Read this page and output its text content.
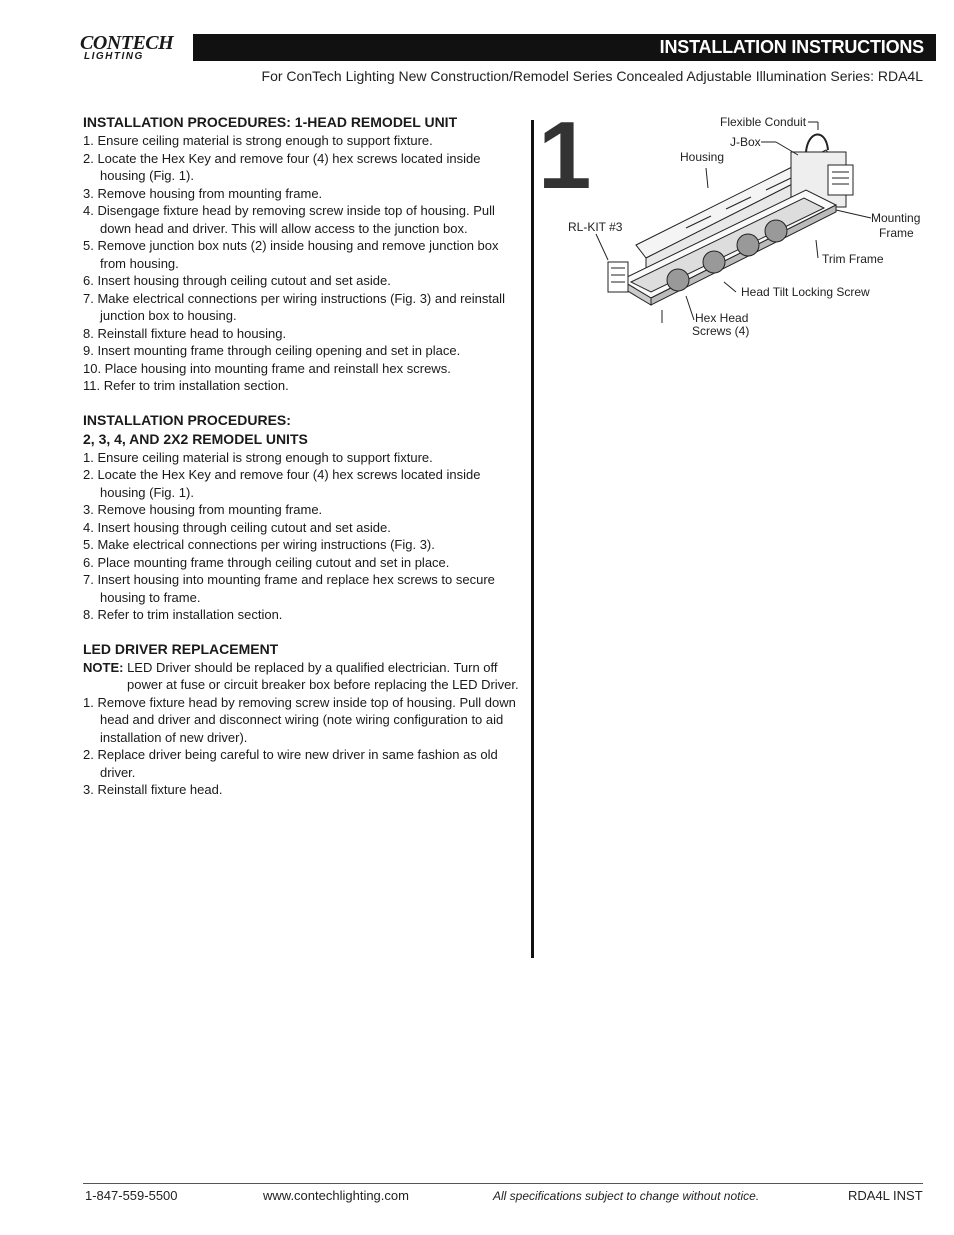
CONTECH
LIGHTING	INSTALLATION INSTRUCTIONS
For ConTech Lighting New Construction/Remodel Series Concealed Adjustable Illumination Series: RDA4L
INSTALLATION PROCEDURES: 1-HEAD REMODEL UNIT
1. Ensure ceiling material is strong enough to support fixture.
2. Locate the Hex Key and remove four (4) hex screws located inside housing (Fig. 1).
3. Remove housing from mounting frame.
4. Disengage fixture head by removing screw inside top of housing. Pull down head and driver. This will allow access to the junction box.
5. Remove junction box nuts (2) inside housing and remove junction box from housing.
6. Insert housing through ceiling cutout and set aside.
7. Make electrical connections per wiring instructions (Fig. 3) and reinstall junction box to housing.
8. Reinstall fixture head to housing.
9. Insert mounting frame through ceiling opening and set in place.
10. Place housing into mounting frame and reinstall hex screws.
11. Refer to trim installation section.
INSTALLATION PROCEDURES:
2, 3, 4, AND 2X2 REMODEL UNITS
1. Ensure ceiling material is strong enough to support fixture.
2. Locate the Hex Key and remove four (4) hex screws located inside housing (Fig. 1).
3. Remove housing from mounting frame.
4. Insert housing through ceiling cutout and set aside.
5. Make electrical connections per wiring instructions (Fig. 3).
6. Place mounting frame through ceiling cutout and set in place.
7. Insert housing into mounting frame and replace hex screws to secure housing to frame.
8. Refer to trim installation section.
LED DRIVER REPLACEMENT
NOTE: LED Driver should be replaced by a qualified electrician. Turn off power at fuse or circuit breaker box before replacing the LED Driver.
1. Remove fixture head by removing screw inside top of housing. Pull down head and driver and disconnect wiring (note wiring configuration to aid installation of new driver).
2. Replace driver being careful to wire new driver in same fashion as old driver.
3. Reinstall fixture head.
1	Flexible Conduit
J-Box
Housing
RL-KIT #3
Mounting
Frame
Trim Frame
Head Tilt Locking Screw
Hex Head
Screws (4)
1-847-559-5500	www.contechlighting.com	All specifications subject to change without notice.	RDA4L INST
